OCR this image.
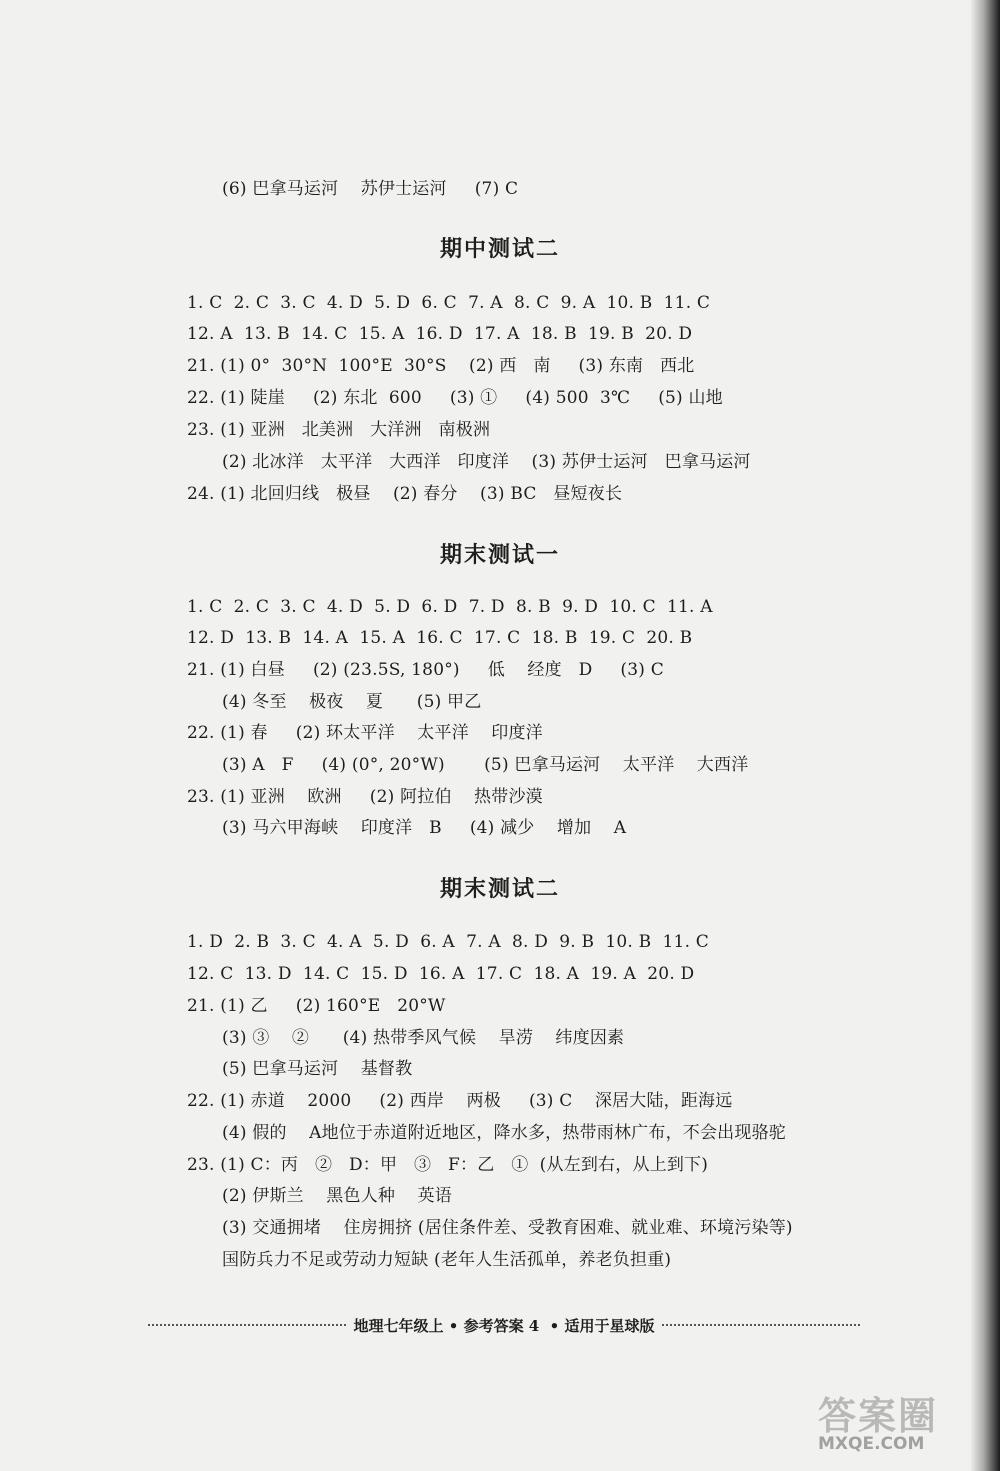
(6) 巴拿马运河    苏伊士运河     (7) C
期中测试二
1. C  2. C  3. C  4. D  5. D  6. C  7. A  8. C  9. A  10. B  11. C
12. A  13. B  14. C  15. A  16. D  17. A  18. B  19. B  20. D
21. (1) 0°  30°N  100°E  30°S    (2) 西   南     (3) 东南   西北
22. (1) 陡崖     (2) 东北  600     (3) ①     (4) 500  3℃     (5) 山地
23. (1) 亚洲   北美洲   大洋洲   南极洲
(2) 北冰洋   太平洋   大西洋   印度洋    (3) 苏伊士运河   巴拿马运河
24. (1) 北回归线   极昼    (2) 春分    (3) BC   昼短夜长
期末测试一
1. C  2. C  3. C  4. D  5. D  6. D  7. D  8. B  9. D  10. C  11. A
12. D  13. B  14. A  15. A  16. C  17. C  18. B  19. C  20. B
21. (1) 白昼     (2) (23.5S, 180°)     低    经度   D     (3) C
(4) 冬至    极夜    夏      (5) 甲乙
22. (1) 春     (2) 环太平洋    太平洋    印度洋
(3) A   F     (4) (0°, 20°W)       (5) 巴拿马运河    太平洋    大西洋
23. (1) 亚洲    欧洲     (2) 阿拉伯    热带沙漠
(3) 马六甲海峡    印度洋   B     (4) 减少    增加    A
期末测试二
1. D  2. B  3. C  4. A  5. D  6. A  7. A  8. D  9. B  10. B  11. C
12. C  13. D  14. C  15. D  16. A  17. C  18. A  19. A  20. D
21. (1) 乙     (2) 160°E   20°W
(3) ③    ②      (4) 热带季风气候    旱涝    纬度因素
(5) 巴拿马运河    基督教
22. (1) 赤道    2000     (2) 西岸    两极     (3) C    深居大陆，距海远
(4) 假的    A地位于赤道附近地区，降水多，热带雨林广布，不会出现骆驼
23. (1) C：丙   ②   D：甲   ③   F：乙   ①  (从左到右，从上到下)
(2) 伊斯兰    黑色人种    英语
(3) 交通拥堵    住房拥挤 (居住条件差、受教育困难、就业难、环境污染等)
国防兵力不足或劳动力短缺 (老年人生活孤单，养老负担重)
地理七年级上 • 参考答案 4  • 适用于星球版
答案圈
MXQE.COM
